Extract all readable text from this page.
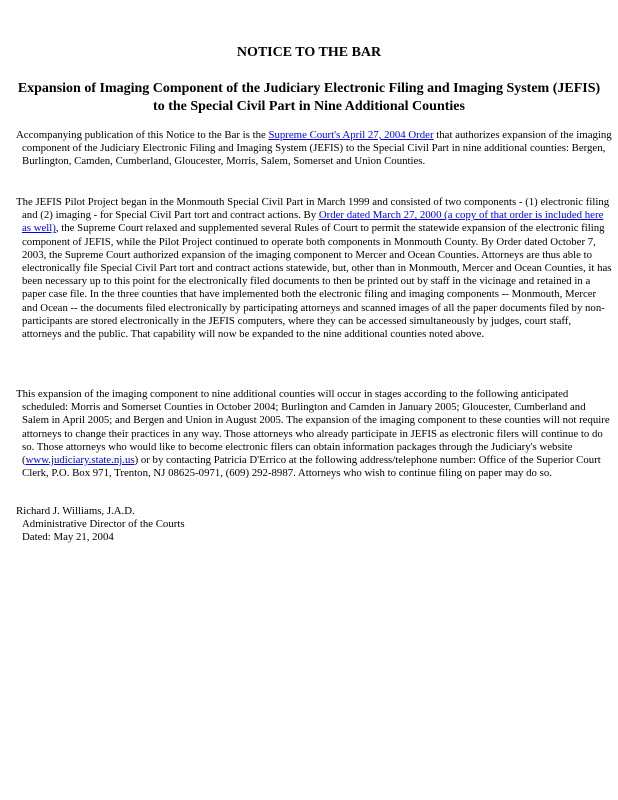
NOTICE TO THE BAR
Expansion of Imaging Component of the Judiciary Electronic Filing and Imaging System (JEFIS) to the Special Civil Part in Nine Additional Counties

Accompanying publication of this Notice to the Bar is the Supreme Court's April 27, 2004 Order that authorizes expansion of the imaging component of the Judiciary Electronic Filing and Imaging System (JEFIS) to the Special Civil Part in nine additional counties: Bergen, Burlington, Camden, Cumberland, Gloucester, Morris, Salem, Somerset and Union Counties.

The JEFIS Pilot Project began in the Monmouth Special Civil Part in March 1999 and consisted of two components - (1) electronic filing and (2) imaging - for Special Civil Part tort and contract actions. By Order dated March 27, 2000 (a copy of that order is included here as well), the Supreme Court relaxed and supplemented several Rules of Court to permit the statewide expansion of the electronic filing component of JEFIS, while the Pilot Project continued to operate both components in Monmouth County. By Order dated October 7, 2003, the Supreme Court authorized expansion of the imaging component to Mercer and Ocean Counties. Attorneys are thus able to electronically file Special Civil Part tort and contract actions statewide, but, other than in Monmouth, Mercer and Ocean Counties, it has been necessary up to this point for the electronically filed documents to then be printed out by staff in the vicinage and retained in a paper case file. In the three counties that have implemented both the electronic filing and imaging components -- Monmouth, Mercer and Ocean -- the documents filed electronically by participating attorneys and scanned images of all the paper documents filed by non-participants are stored electronically in the JEFIS computers, where they can be accessed simultaneously by judges, court staff, attorneys and the public. That capability will now be expanded to the nine additional counties noted above.

This expansion of the imaging component to nine additional counties will occur in stages according to the following anticipated scheduled: Morris and Somerset Counties in October 2004; Burlington and Camden in January 2005; Gloucester, Cumberland and Salem in April 2005; and Bergen and Union in August 2005. The expansion of the imaging component to these counties will not require attorneys to change their practices in any way. Those attorneys who already participate in JEFIS as electronic filers will continue to do so. Those attorneys who would like to become electronic filers can obtain information packages through the Judiciary's website (www.judiciary.state.nj.us) or by contacting Patricia D'Errico at the following address/telephone number: Office of the Superior Court Clerk, P.O. Box 971, Trenton, NJ 08625-0971, (609) 292-8987. Attorneys who wish to continue filing on paper may do so.

Richard J. Williams, J.A.D.
Administrative Director of the Courts
Dated: May 21, 2004
